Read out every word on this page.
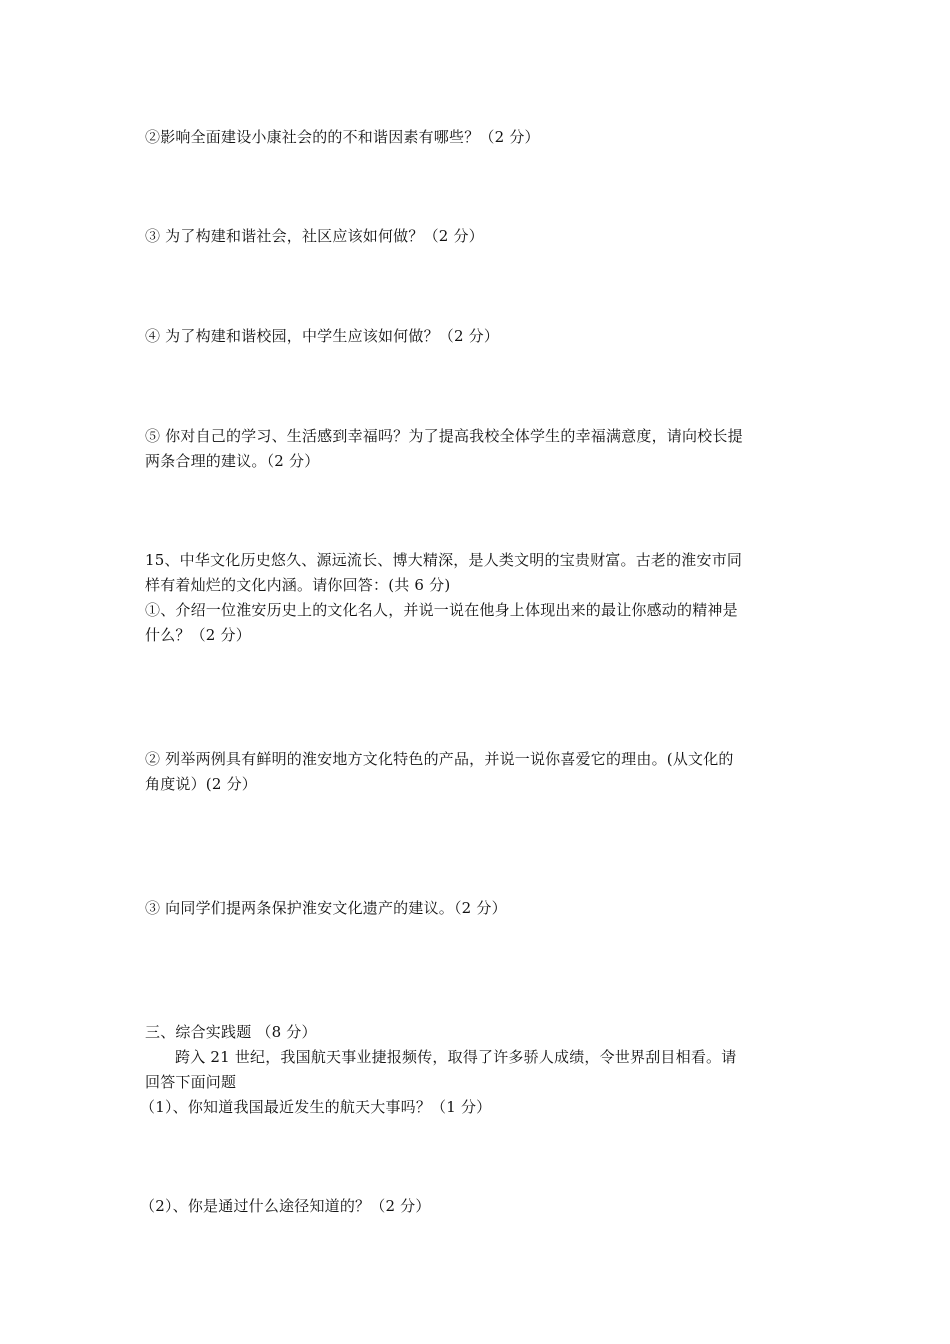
②影响全面建设小康社会的的不和谐因素有哪些？（2 分）
③ 为了构建和谐社会，社区应该如何做？（2 分）
④ 为了构建和谐校园，中学生应该如何做？（2 分）
⑤ 你对自己的学习、生活感到幸福吗？为了提高我校全体学生的幸福满意度，请向校长提
两条合理的建议。（2 分）
15、中华文化历史悠久、源远流长、博大精深，是人类文明的宝贵财富。古老的淮安市同
样有着灿烂的文化内涵。请你回答：(共 6 分)
①、介绍一位淮安历史上的文化名人，并说一说在他身上体现出来的最让你感动的精神是
什么？（2 分）
② 列举两例具有鲜明的淮安地方文化特色的产品，并说一说你喜爱它的理由。(从文化的
角度说）(2 分）
③ 向同学们提两条保护淮安文化遗产的建议。（2 分）
三、综合实践题 （8 分）
跨入 21 世纪，我国航天事业捷报频传，取得了许多骄人成绩，令世界刮目相看。请
回答下面问题
（1）、你知道我国最近发生的航天大事吗？（1 分）
（2）、你是通过什么途径知道的？（2 分）
